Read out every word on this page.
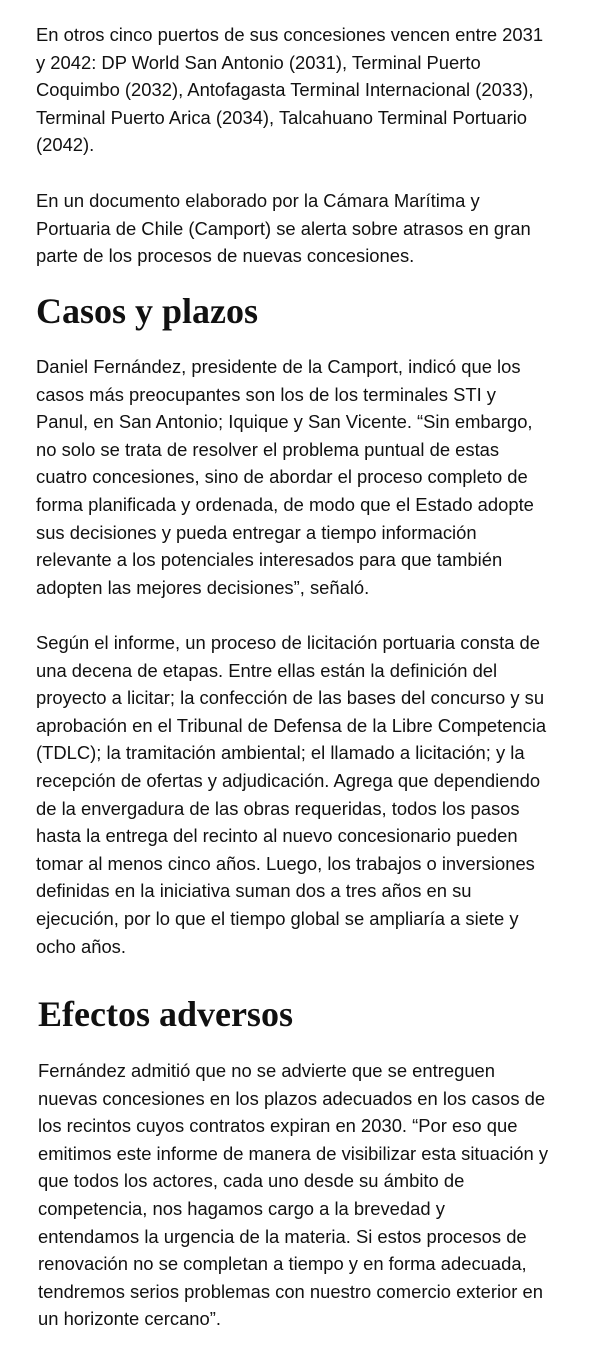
En otros cinco puertos de sus concesiones vencen entre 2031
y 2042: DP World San Antonio (2031), Terminal Puerto
Coquimbo (2032), Antofagasta Terminal Internacional (2033),
Terminal Puerto Arica (2034), Talcahuano Terminal Portuario
(2042).

En un documento elaborado por la Cámara Marítima y
Portuaria de Chile (Camport) se alerta sobre atrasos en gran
parte de los procesos de nuevas concesiones.

Casos y plazos

Daniel Fernández, presidente de la Camport, indicó que los
casos más preocupantes son los de los terminales STI y
Panul, en San Antonio; Iquique y San Vicente. “Sin embargo,
no solo se trata de resolver el problema puntual de estas
cuatro concesiones, sino de abordar el proceso completo de
forma planificada y ordenada, de modo que el Estado adopte
sus decisiones y pueda entregar a tiempo información
relevante a los potenciales interesados para que también
adopten las mejores decisiones”, señaló.

Según el informe, un proceso de licitación portuaria consta de
una decena de etapas. Entre ellas están la definición del
proyecto a licitar; la confección de las bases del concurso y su
aprobación en el Tribunal de Defensa de la Libre Competencia
(TDLC); la tramitación ambiental; el llamado a licitación; y la
recepción de ofertas y adjudicación. Agrega que dependiendo
de la envergadura de las obras requeridas, todos los pasos
hasta la entrega del recinto al nuevo concesionario pueden
tomar al menos cinco años. Luego, los trabajos o inversiones
definidas en la iniciativa suman dos a tres años en su
ejecución, por lo que el tiempo global se ampliaría a siete y
ocho años.

Efectos adversos

Fernández admitió que no se advierte que se entreguen
nuevas concesiones en los plazos adecuados en los casos de
los recintos cuyos contratos expiran en 2030. “Por eso que
emitimos este informe de manera de visibilizar esta situación y
que todos los actores, cada uno desde su ámbito de
competencia, nos hagamos cargo a la brevedad y
entendamos la urgencia de la materia. Si estos procesos de
renovación no se completan a tiempo y en forma adecuada,
tendremos serios problemas con nuestro comercio exterior en
un horizonte cercano”.
